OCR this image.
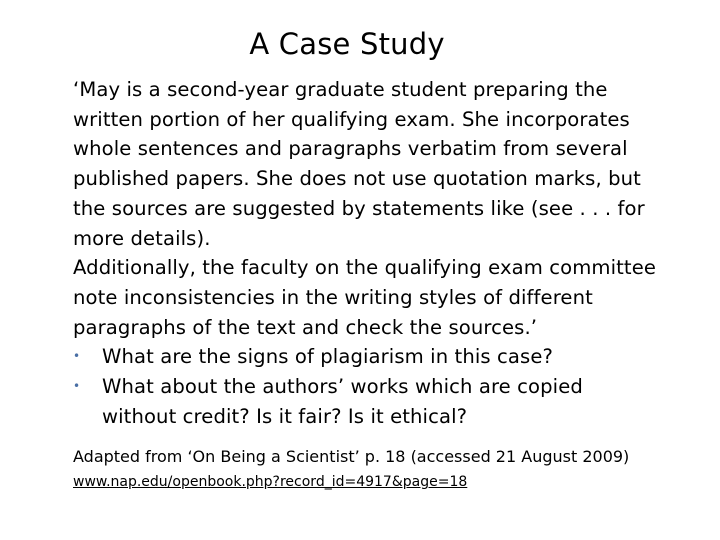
A Case Study
‘May is a second-year graduate student preparing the
written portion of her qualifying exam. She incorporates
whole sentences and paragraphs verbatim from several
published papers. She does not use quotation marks, but
the sources are suggested by statements like (see . . . for
more details).
Additionally, the faculty on the qualifying exam committee
note inconsistencies in the writing styles of different
paragraphs of the text and check the sources.’
•	What are the signs of plagiarism in this case?
•	What about the authors’ works which are copied
without credit? Is it fair? Is it ethical?
Adapted from ‘On Being a Scientist’ p. 18 (accessed 21 August 2009)
www.nap.edu/openbook.php?record_id=4917&page=18
